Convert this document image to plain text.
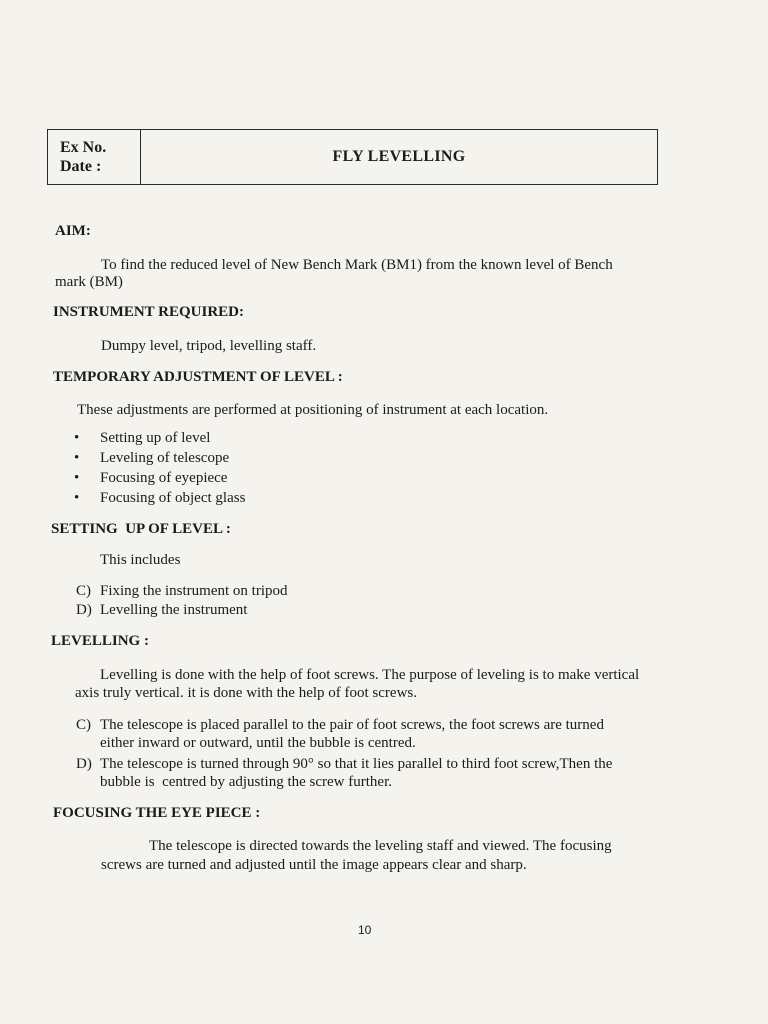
Ex No.
Date :
FLY LEVELLING
AIM:
To find the reduced level of New Bench Mark (BM1) from the known level of Bench
mark (BM)
INSTRUMENT REQUIRED:
Dumpy level, tripod, levelling staff.
TEMPORARY ADJUSTMENT OF LEVEL :
These adjustments are performed at positioning of instrument at each location.
• Setting up of level
• Leveling of telescope
• Focusing of eyepiece
• Focusing of object glass
SETTING  UP OF LEVEL :
This includes
C) Fixing the instrument on tripod
D) Levelling the instrument
LEVELLING :
Levelling is done with the help of foot screws. The purpose of leveling is to make vertical
axis truly vertical. it is done with the help of foot screws.
C) The telescope is placed parallel to the pair of foot screws, the foot screws are turned
either inward or outward, until the bubble is centred.
D) The telescope is turned through 90° so that it lies parallel to third foot screw,Then the
bubble is  centred by adjusting the screw further.
FOCUSING THE EYE PIECE :
The telescope is directed towards the leveling staff and viewed. The focusing
screws are turned and adjusted until the image appears clear and sharp.
10
